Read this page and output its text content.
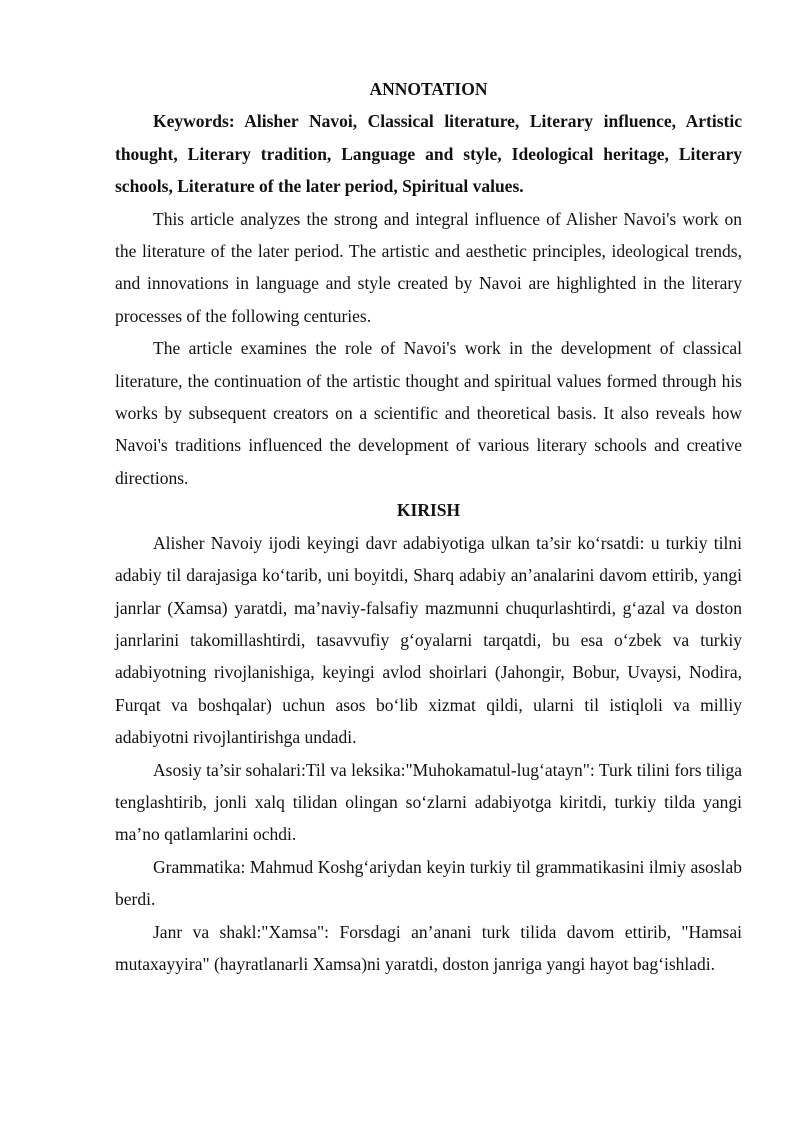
ANNOTATION

Keywords: Alisher Navoi, Classical literature, Literary influence, Artistic thought, Literary tradition, Language and style, Ideological heritage, Literary schools, Literature of the later period, Spiritual values.

This article analyzes the strong and integral influence of Alisher Navoi's work on the literature of the later period. The artistic and aesthetic principles, ideological trends, and innovations in language and style created by Navoi are highlighted in the literary processes of the following centuries.

The article examines the role of Navoi's work in the development of classical literature, the continuation of the artistic thought and spiritual values formed through his works by subsequent creators on a scientific and theoretical basis. It also reveals how Navoi's traditions influenced the development of various literary schools and creative directions.

KIRISH

Alisher Navoiy ijodi keyingi davr adabiyotiga ulkan ta’sir ko‘rsatdi: u turkiy tilni adabiy til darajasiga ko‘tarib, uni boyitdi, Sharq adabiy an’analarini davom ettirib, yangi janrlar (Xamsa) yaratdi, ma’naviy-falsafiy mazmunni chuqurlashtirdi, g‘azal va doston janrlarini takomillashtirdi, tasavvufiy g‘oyalarni tarqatdi, bu esa o‘zbek va turkiy adabiyotning rivojlanishiga, keyingi avlod shoirlari (Jahongir, Bobur, Uvaysi, Nodira, Furqat va boshqalar) uchun asos bo‘lib xizmat qildi, ularni til istiqloli va milliy adabiyotni rivojlantirishga undadi.

Asosiy ta’sir sohalari:Til va leksika:"Muhokamatul-lug‘atayn": Turk tilini fors tiliga tenglashtirib, jonli xalq tilidan olingan so‘zlarni adabiyotga kiritdi, turkiy tilda yangi ma’no qatlamlarini ochdi.

Grammatika: Mahmud Koshg‘ariydan keyin turkiy til grammatikasini ilmiy asoslab berdi.

Janr va shakl:"Xamsa": Forsdagi an’anani turk tilida davom ettirib, "Hamsai mutaxayyira" (hayratlanarli Xamsa)ni yaratdi, doston janriga yangi hayot bag‘ishladi.
